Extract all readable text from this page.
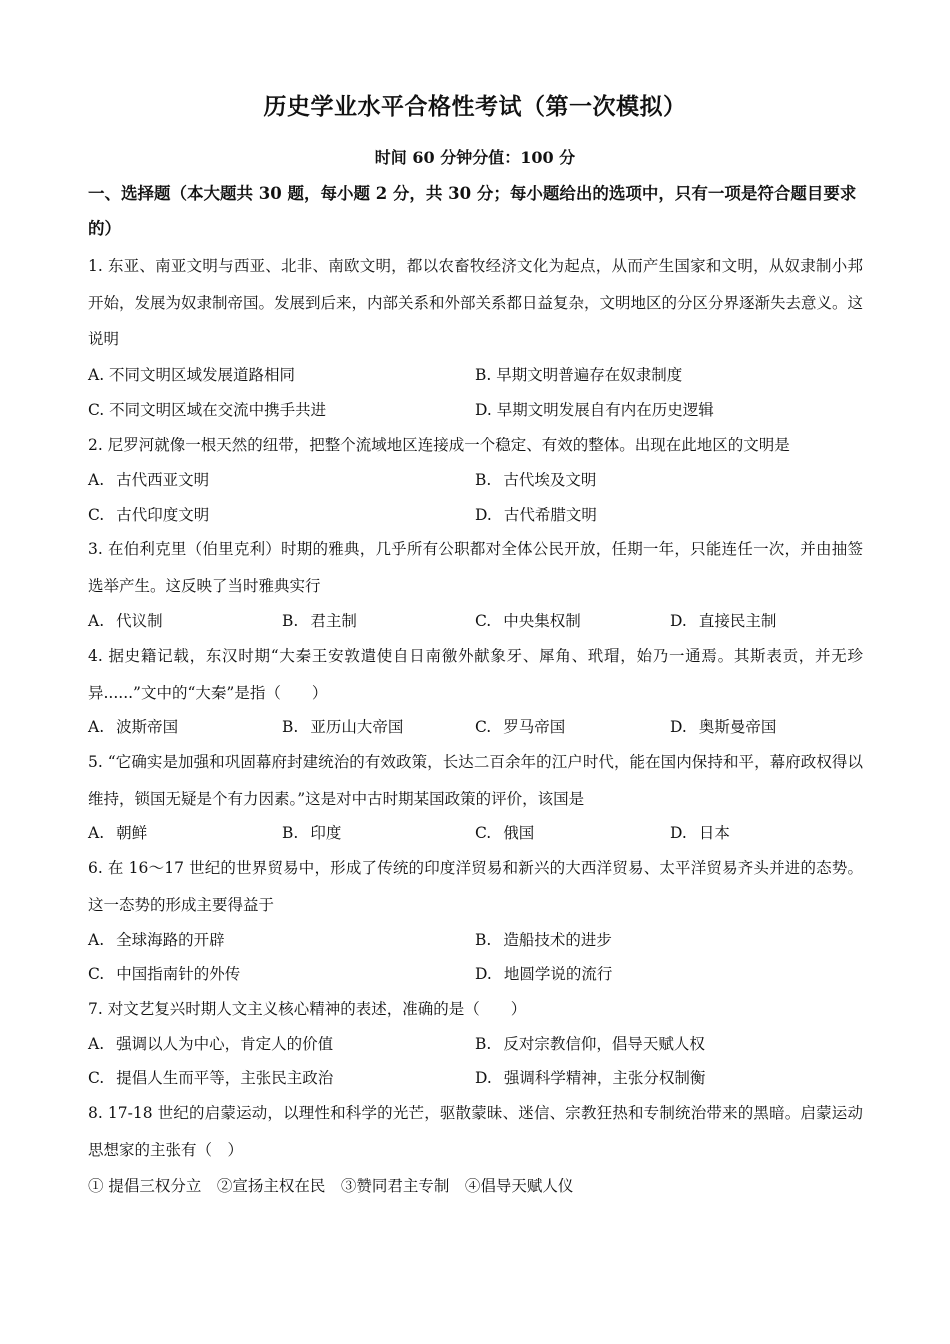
历史学业水平合格性考试（第一次模拟）
时间 60 分钟分值：100 分
一、选择题（本大题共 30 题，每小题 2 分，共 30 分；每小题给出的选项中，只有一项是符合题目要求的）
1. 东亚、南亚文明与西亚、北非、南欧文明，都以农畜牧经济文化为起点，从而产生国家和文明，从奴隶制小邦开始，发展为奴隶制帝国。发展到后来，内部关系和外部关系都日益复杂，文明地区的分区分界逐渐失去意义。这说明
A. 不同文明区域发展道路相同	B. 早期文明普遍存在奴隶制度
C. 不同文明区域在交流中携手共进	D. 早期文明发展自有内在历史逻辑
2. 尼罗河就像一根天然的纽带，把整个流域地区连接成一个稳定、有效的整体。出现在此地区的文明是
A. 古代西亚文明	B. 古代埃及文明
C. 古代印度文明	D. 古代希腊文明
3. 在伯利克里（伯里克利）时期的雅典，几乎所有公职都对全体公民开放，任期一年，只能连任一次，并由抽签选举产生。这反映了当时雅典实行
A. 代议制	B. 君主制	C. 中央集权制	D. 直接民主制
4. 据史籍记载，东汉时期“大秦王安敦遣使自日南徼外献象牙、犀角、玳瑁，始乃一通焉。其斯表贡，并无珍异......”文中的“大秦”是指（　　）
A. 波斯帝国	B. 亚历山大帝国	C. 罗马帝国	D. 奥斯曼帝国
5. “它确实是加强和巩固幕府封建统治的有效政策，长达二百余年的江户时代，能在国内保持和平，幕府政权得以维持，锁国无疑是个有力因素。”这是对中古时期某国政策的评价，该国是
A. 朝鲜	B. 印度	C. 俄国	D. 日本
6. 在 16～17 世纪的世界贸易中，形成了传统的印度洋贸易和新兴的大西洋贸易、太平洋贸易齐头并进的态势。这一态势的形成主要得益于
A. 全球海路的开辟	B. 造船技术的进步
C. 中国指南针的外传	D. 地圆学说的流行
7. 对文艺复兴时期人文主义核心精神的表述，准确的是（　　）
A. 强调以人为中心，肯定人的价值	B. 反对宗教信仰，倡导天赋人权
C. 提倡人生而平等，主张民主政治	D. 强调科学精神，主张分权制衡
8. 17-18 世纪的启蒙运动，以理性和科学的光芒，驱散蒙昧、迷信、宗教狂热和专制统治带来的黑暗。启蒙运动思想家的主张有（　）
① 提倡三权分立　②宣扬主权在民　③赞同君主专制　④倡导天赋人仪
